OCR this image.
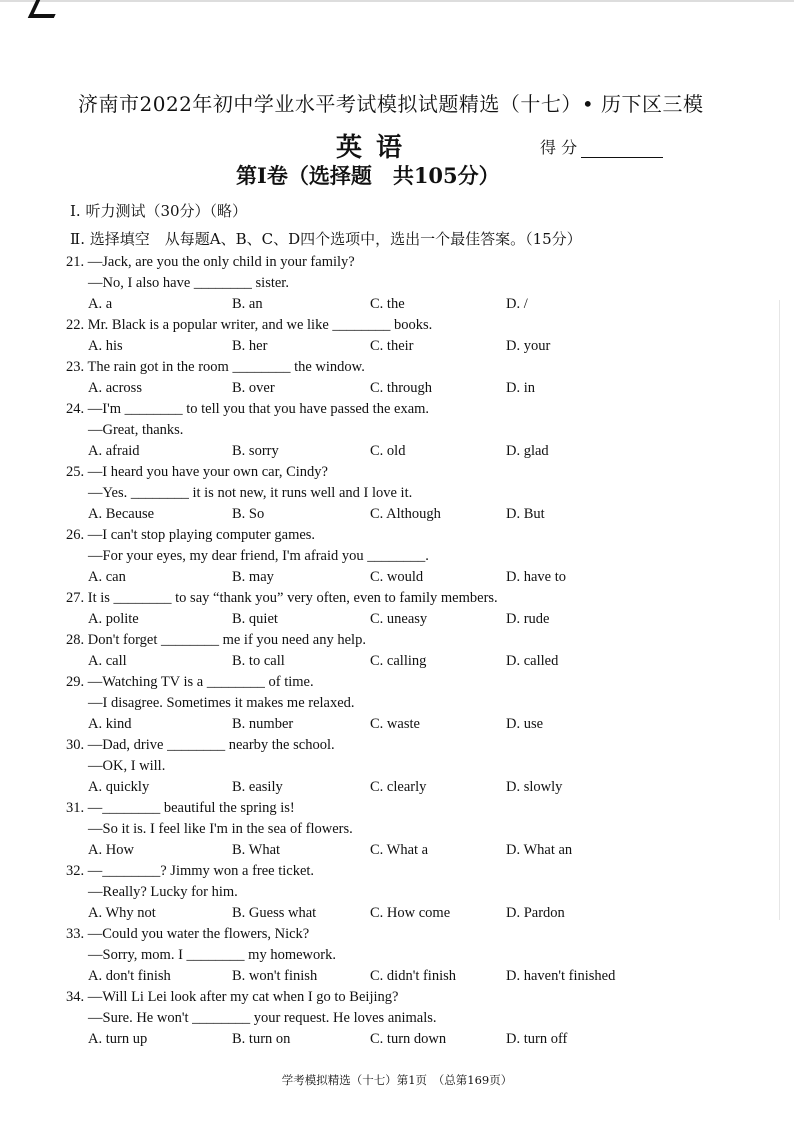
济南市2022年初中学业水平考试模拟试题精选（十七）• 历下区三模
英语	得 分
第Ⅰ卷（选择题　共105分）
Ⅰ. 听力测试（30分）（略）
Ⅱ. 选择填空　从每题A、B、C、D四个选项中，选出一个最佳答案。（15分）
21. —Jack, are you the only child in your family?
—No, I also have ________ sister.
A. a	B. an	C. the	D. /
22. Mr. Black is a popular writer, and we like ________ books.
A. his	B. her	C. their	D. your
23. The rain got in the room ________ the window.
A. across	B. over	C. through	D. in
24. —I'm ________ to tell you that you have passed the exam.
—Great, thanks.
A. afraid	B. sorry	C. old	D. glad
25. —I heard you have your own car, Cindy?
—Yes. ________ it is not new, it runs well and I love it.
A. Because	B. So	C. Although	D. But
26. —I can't stop playing computer games.
—For your eyes, my dear friend, I'm afraid you ________.
A. can	B. may	C. would	D. have to
27. It is ________ to say “thank you” very often, even to family members.
A. polite	B. quiet	C. uneasy	D. rude
28. Don't forget ________ me if you need any help.
A. call	B. to call	C. calling	D. called
29. —Watching TV is a ________ of time.
—I disagree. Sometimes it makes me relaxed.
A. kind	B. number	C. waste	D. use
30. —Dad, drive ________ nearby the school.
—OK, I will.
A. quickly	B. easily	C. clearly	D. slowly
31. —________ beautiful the spring is!
—So it is. I feel like I'm in the sea of flowers.
A. How	B. What	C. What a	D. What an
32. —________? Jimmy won a free ticket.
—Really? Lucky for him.
A. Why not	B. Guess what	C. How come	D. Pardon
33. —Could you water the flowers, Nick?
—Sorry, mom. I ________ my homework.
A. don't finish	B. won't finish	C. didn't finish	D. haven't finished
34. —Will Li Lei look after my cat when I go to Beijing?
—Sure. He won't ________ your request. He loves animals.
A. turn up	B. turn on	C. turn down	D. turn off
学考模拟精选（十七）第1页　（总第169页）
